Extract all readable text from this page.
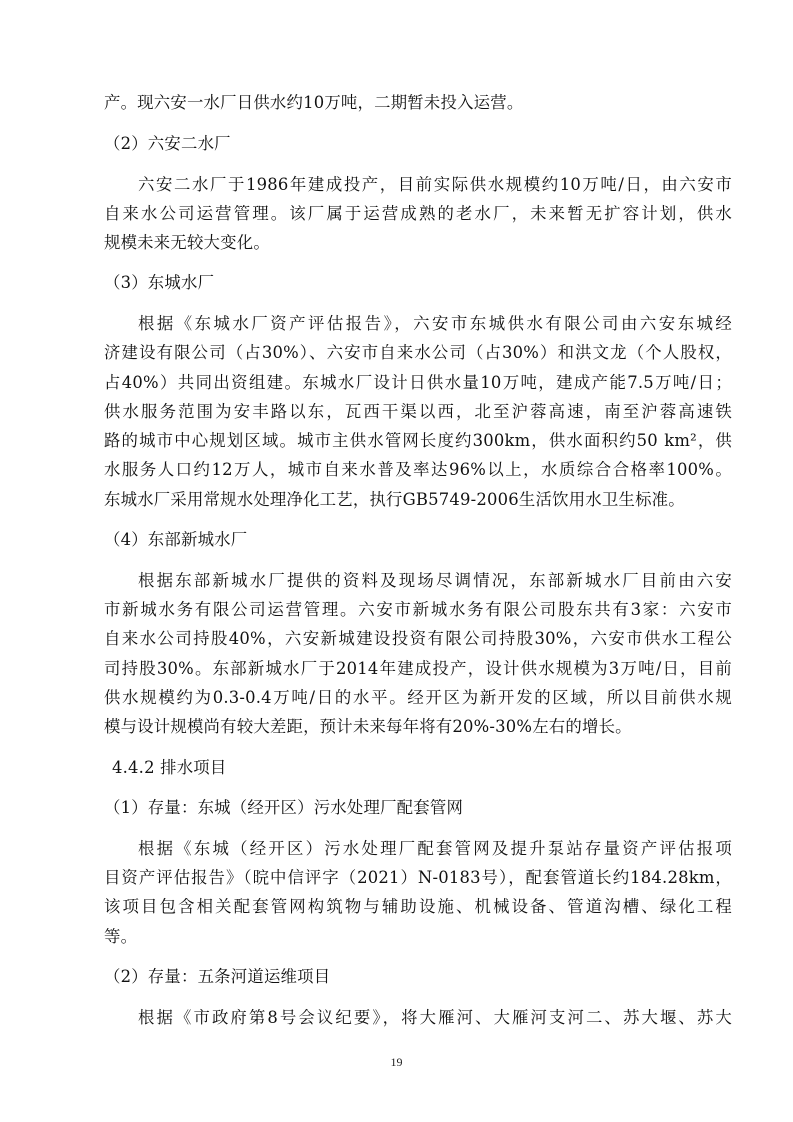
产。现六安一水厂日供水约10万吨，二期暂未投入运营。
（2）六安二水厂
六安二水厂于1986年建成投产，目前实际供水规模约10万吨/日，由六安市
自来水公司运营管理。该厂属于运营成熟的老水厂，未来暂无扩容计划，供水
规模未来无较大变化。
（3）东城水厂
根据《东城水厂资产评估报告》，六安市东城供水有限公司由六安东城经
济建设有限公司（占30%）、六安市自来水公司（占30%）和洪文龙（个人股权，
占40%）共同出资组建。东城水厂设计日供水量10万吨，建成产能7.5万吨/日；
供水服务范围为安丰路以东，瓦西干渠以西，北至沪蓉高速，南至沪蓉高速铁
路的城市中心规划区域。城市主供水管网长度约300km，供水面积约50 km²，供
水服务人口约12万人，城市自来水普及率达96%以上，水质综合合格率100%。
东城水厂采用常规水处理净化工艺，执行GB5749-2006生活饮用水卫生标准。
（4）东部新城水厂
根据东部新城水厂提供的资料及现场尽调情况，东部新城水厂目前由六安
市新城水务有限公司运营管理。六安市新城水务有限公司股东共有3家：六安市
自来水公司持股40%，六安新城建设投资有限公司持股30%，六安市供水工程公
司持股30%。东部新城水厂于2014年建成投产，设计供水规模为3万吨/日，目前
供水规模约为0.3-0.4万吨/日的水平。经开区为新开发的区域，所以目前供水规
模与设计规模尚有较大差距，预计未来每年将有20%-30%左右的增长。
4.4.2 排水项目
（1）存量：东城（经开区）污水处理厂配套管网
根据《东城（经开区）污水处理厂配套管网及提升泵站存量资产评估报项
目资产评估报告》（晥中信评字（2021）N-0183号），配套管道长约184.28km，
该项目包含相关配套管网构筑物与辅助设施、机械设备、管道沟槽、绿化工程
等。
（2）存量：五条河道运维项目
根据《市政府第8号会议纪要》，将大雁河、大雁河支河二、苏大堰、苏大
19
